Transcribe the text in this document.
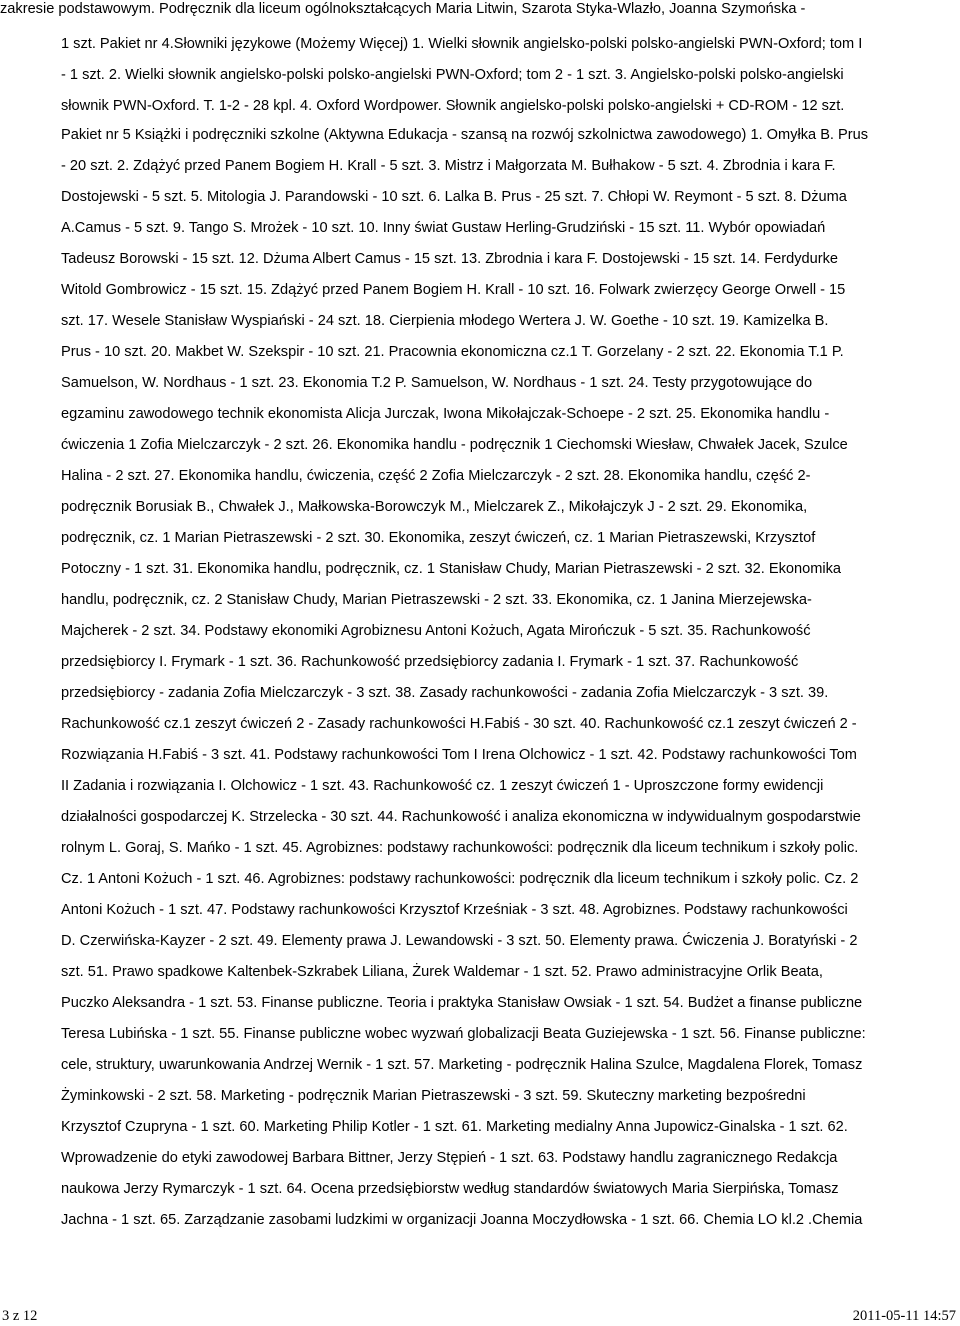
zakresie podstawowym. Podręcznik dla liceum ogólnokształcących Maria Litwin, Szarota Styka-Wlazło, Joanna Szymońska -
1 szt. Pakiet nr 4.Słowniki językowe (Możemy Więcej) 1. Wielki słownik angielsko-polski polsko-angielski PWN-Oxford; tom I
- 1 szt. 2. Wielki słownik angielsko-polski polsko-angielski PWN-Oxford; tom 2 - 1 szt. 3. Angielsko-polski polsko-angielski
słownik PWN-Oxford. T. 1-2 - 28 kpl. 4. Oxford Wordpower. Słownik angielsko-polski polsko-angielski + CD-ROM - 12 szt.
Pakiet nr 5 Książki i podręczniki szkolne (Aktywna Edukacja - szansą na rozwój szkolnictwa zawodowego) 1. Omyłka B. Prus
- 20 szt. 2. Zdążyć przed Panem Bogiem H. Krall - 5 szt. 3. Mistrz i Małgorzata M. Bułhakow - 5 szt. 4. Zbrodnia i kara F.
Dostojewski - 5 szt. 5. Mitologia J. Parandowski - 10 szt. 6. Lalka B. Prus - 25 szt. 7. Chłopi W. Reymont - 5 szt. 8. Dżuma
A.Camus - 5 szt. 9. Tango S. Mrożek - 10 szt. 10. Inny świat Gustaw Herling-Grudziński - 15 szt. 11. Wybór opowiadań
Tadeusz Borowski - 15 szt. 12. Dżuma Albert Camus - 15 szt. 13. Zbrodnia i kara F. Dostojewski - 15 szt. 14. Ferdydurke
Witold Gombrowicz - 15 szt. 15. Zdążyć przed Panem Bogiem H. Krall - 10 szt. 16. Folwark zwierzęcy George Orwell - 15
szt. 17. Wesele Stanisław Wyspiański - 24 szt. 18. Cierpienia młodego Wertera J. W. Goethe - 10 szt. 19. Kamizelka B.
Prus - 10 szt. 20. Makbet W. Szekspir - 10 szt. 21. Pracownia ekonomiczna cz.1 T. Gorzelany - 2 szt. 22. Ekonomia T.1 P.
Samuelson, W. Nordhaus - 1 szt. 23. Ekonomia T.2 P. Samuelson, W. Nordhaus - 1 szt. 24. Testy przygotowujące do
egzaminu zawodowego technik ekonomista Alicja Jurczak, Iwona Mikołajczak-Schoepe - 2 szt. 25. Ekonomika handlu -
ćwiczenia 1 Zofia Mielczarczyk - 2 szt. 26. Ekonomika handlu - podręcznik 1 Ciechomski Wiesław, Chwałek Jacek, Szulce
Halina - 2 szt. 27. Ekonomika handlu, ćwiczenia, część 2 Zofia Mielczarczyk - 2 szt. 28. Ekonomika handlu, część 2-
podręcznik Borusiak B., Chwałek J., Małkowska-Borowczyk M., Mielczarek Z., Mikołajczyk J - 2 szt. 29. Ekonomika,
podręcznik, cz. 1 Marian Pietraszewski - 2 szt. 30. Ekonomika, zeszyt ćwiczeń, cz. 1 Marian Pietraszewski, Krzysztof
Potoczny - 1 szt. 31. Ekonomika handlu, podręcznik, cz. 1 Stanisław Chudy, Marian Pietraszewski - 2 szt. 32. Ekonomika
handlu, podręcznik, cz. 2 Stanisław Chudy, Marian Pietraszewski - 2 szt. 33. Ekonomika, cz. 1 Janina Mierzejewska-
Majcherek - 2 szt. 34. Podstawy ekonomiki Agrobiznesu Antoni Kożuch, Agata Mirończuk - 5 szt. 35. Rachunkowość
przedsiębiorcy I. Frymark - 1 szt. 36. Rachunkowość przedsiębiorcy zadania I. Frymark - 1 szt. 37. Rachunkowość
przedsiębiorcy - zadania Zofia Mielczarczyk - 3 szt. 38. Zasady rachunkowości - zadania Zofia Mielczarczyk - 3 szt. 39.
Rachunkowość cz.1 zeszyt ćwiczeń 2 - Zasady rachunkowości H.Fabiś - 30 szt. 40. Rachunkowość cz.1 zeszyt ćwiczeń 2 -
Rozwiązania H.Fabiś - 3 szt. 41. Podstawy rachunkowości Tom I Irena Olchowicz - 1 szt. 42. Podstawy rachunkowości Tom
II Zadania i rozwiązania I. Olchowicz - 1 szt. 43. Rachunkowość cz. 1 zeszyt ćwiczeń 1 - Uproszczone formy ewidencji
działalności gospodarczej K. Strzelecka - 30 szt. 44. Rachunkowość i analiza ekonomiczna w indywidualnym gospodarstwie
rolnym L. Goraj, S. Mańko - 1 szt. 45. Agrobiznes: podstawy rachunkowości: podręcznik dla liceum technikum i szkoły polic.
Cz. 1 Antoni Kożuch - 1 szt. 46. Agrobiznes: podstawy rachunkowości: podręcznik dla liceum technikum i szkoły polic. Cz. 2
Antoni Kożuch - 1 szt. 47. Podstawy rachunkowości Krzysztof Krześniak - 3 szt. 48. Agrobiznes. Podstawy rachunkowości
D. Czerwińska-Kayzer - 2 szt. 49. Elementy prawa J. Lewandowski - 3 szt. 50. Elementy prawa. Ćwiczenia J. Boratyński - 2
szt. 51. Prawo spadkowe Kaltenbek-Szkrabek Liliana, Żurek Waldemar - 1 szt. 52. Prawo administracyjne Orlik Beata,
Puczko Aleksandra - 1 szt. 53. Finanse publiczne. Teoria i praktyka Stanisław Owsiak - 1 szt. 54. Budżet a finanse publiczne
Teresa Lubińska - 1 szt. 55. Finanse publiczne wobec wyzwań globalizacji Beata Guziejewska - 1 szt. 56. Finanse publiczne:
cele, struktury, uwarunkowania Andrzej Wernik - 1 szt. 57. Marketing - podręcznik Halina Szulce, Magdalena Florek, Tomasz
Żyminkowski - 2 szt. 58. Marketing - podręcznik Marian Pietraszewski - 3 szt. 59. Skuteczny marketing bezpośredni
Krzysztof Czupryna - 1 szt. 60. Marketing Philip Kotler - 1 szt. 61. Marketing medialny Anna Jupowicz-Ginalska - 1 szt. 62.
Wprowadzenie do etyki zawodowej Barbara Bittner, Jerzy Stępień - 1 szt. 63. Podstawy handlu zagranicznego Redakcja
naukowa Jerzy Rymarczyk - 1 szt. 64. Ocena przedsiębiorstw według standardów światowych Maria Sierpińska, Tomasz
Jachna - 1 szt. 65. Zarządzanie zasobami ludzkimi w organizacji Joanna Moczydłowska - 1 szt. 66. Chemia LO kl.2 .Chemia
3 z 12	2011-05-11 14:57
